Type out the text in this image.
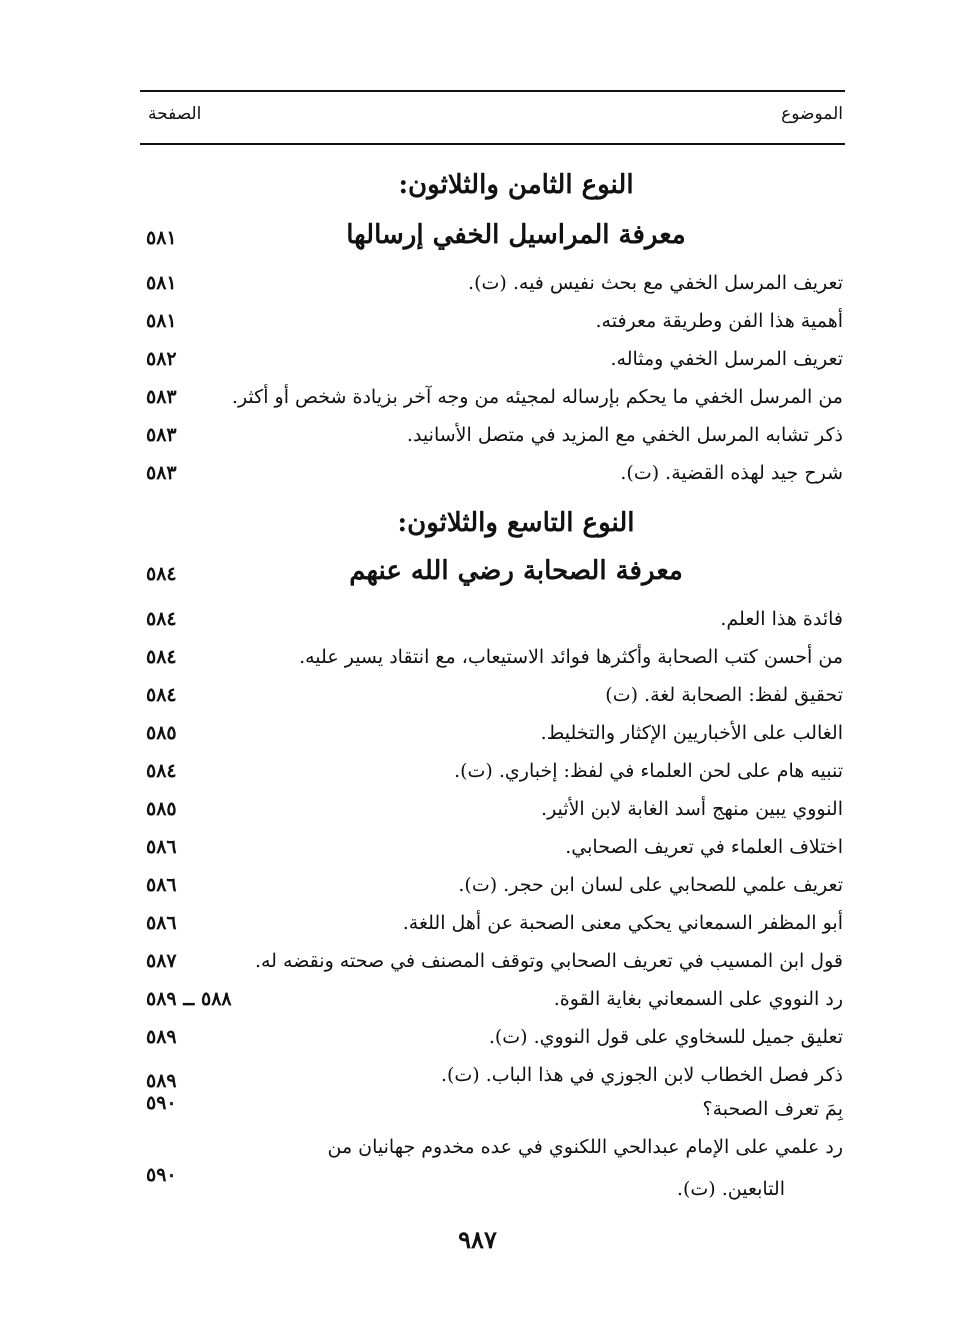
الموضوع
الصفحة
النوع الثامن والثلاثون:
معرفة المراسيل الخفي إرسالها
٥٨١
تعريف المرسل الخفي مع بحث نفيس فيه. (ت).
٥٨١
أهمية هذا الفن وطريقة معرفته.
٥٨١
تعريف المرسل الخفي ومثاله.
٥٨٢
من المرسل الخفي ما يحكم بإرساله لمجيئه من وجه آخر بزيادة شخص أو أكثر.
٥٨٣
ذكر تشابه المرسل الخفي مع المزيد في متصل الأسانيد.
٥٨٣
شرح جيد لهذه القضية. (ت).
٥٨٣
النوع التاسع والثلاثون:
معرفة الصحابة رضي الله عنهم
٥٨٤
فائدة هذا العلم.
٥٨٤
من أحسن كتب الصحابة وأكثرها فوائد الاستيعاب، مع انتقاد يسير عليه.
٥٨٤
تحقيق لفظ: الصحابة لغة. (ت)
٥٨٤
الغالب على الأخباريين الإكثار والتخليط.
٥٨٥
تنبيه هام على لحن العلماء في لفظ: إخباري. (ت).
٥٨٤
النووي يبين منهج أسد الغابة لابن الأثير.
٥٨٥
اختلاف العلماء في تعريف الصحابي.
٥٨٦
تعريف علمي للصحابي على لسان ابن حجر. (ت).
٥٨٦
أبو المظفر السمعاني يحكي معنى الصحبة عن أهل اللغة.
٥٨٦
قول ابن المسيب في تعريف الصحابي وتوقف المصنف في صحته ونقضه له.
٥٨٧
رد النووي على السمعاني بغاية القوة.
٥٨٨ ــ ٥٨٩
تعليق جميل للسخاوي على قول النووي. (ت).
٥٨٩
ذكر فصل الخطاب لابن الجوزي في هذا الباب. (ت).
٥٨٩
بِمَ تعرف الصحبة؟
٥٩٠
رد علمي على الإمام عبدالحي اللكنوي في عده مخدوم جهانيان من
التابعين. (ت).
٥٩٠
٩٨٧
